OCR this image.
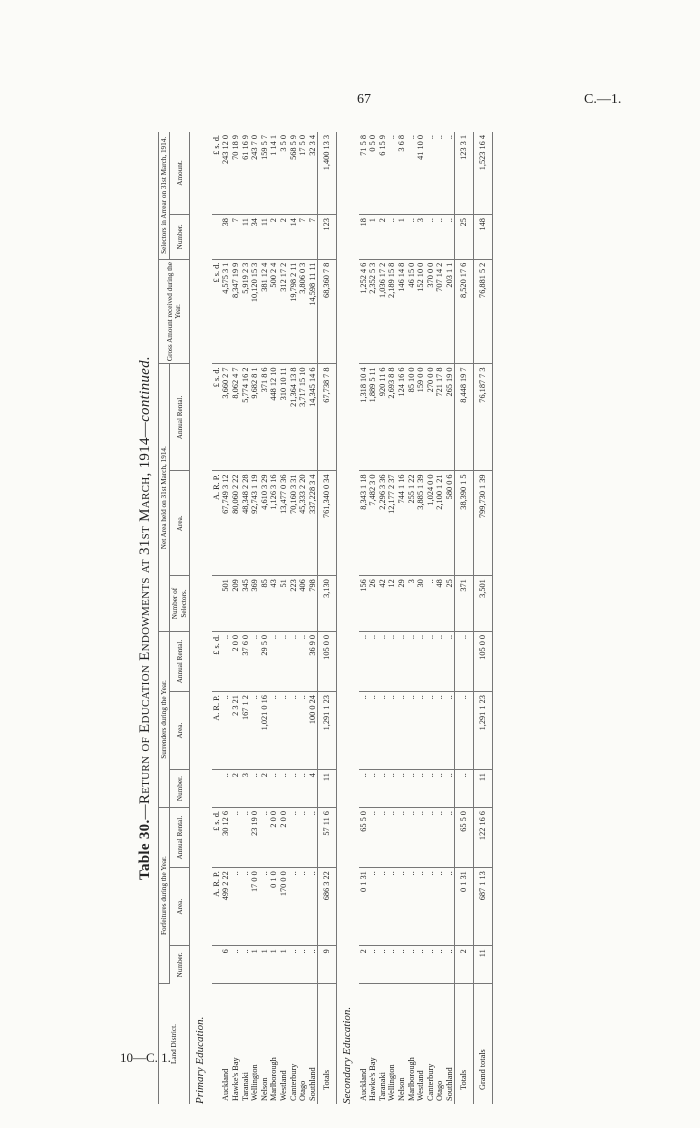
67	C.—1.
10—C. 1.
Table 30.—Return of Education Endowments at 31st March, 1914—continued.
Land District.	Forfeitures during the Year.			Surrenders during the Year.			Net Area held on 31st March, 1914.			Gross Amount received during the Year.	Selectors in Arrear on 31st March, 1914.	
	Number.	Area.	Annual Rental.	Number.	Area.	Annual Rental.	Number of Selectors.	Area.	Annual Rental.		Number.	Amount.
Primary Education.												
		A. R. P.	£ s. d.		A. R. P.	£ s. d.		A. R. P.	£ s. d.	£ s. d.		£ s. d.
Auckland	6	499 2 22	30 12 6	..	..	..	501	67,749 3 12	3,660 2 7	4,575 3 1	38	243 12 0
Hawke's Bay	..	..	..	2	2 3 21	2 0 0	209	80,060 2 22	8,062 4 7	8,347 19 9	7	70 18 9
Taranaki	..	..	..	3	167 1 2	37 6 0	345	48,348 2 28	5,774 16 2	5,919 2 3	11	61 16 9
Wellington	1	17 0 0	23 19 0	..	..	..	369	92,743 1 19	9,682 8 1	10,120 15 3	34	243 7 0
Nelson	1	..	..	2	1,021 0 16	29 5 0	85	4,610 3 29	371 8 6	381 12 4	11	159 5 7
Marlborough	1	0 1 0	2 0 0	..	..	..	43	1,126 3 16	448 12 10	500 2 4	2	1 14 1
Westland	1	170 0 0	2 0 0	..	..	..	51	13,477 0 36	310 10 11	312 17 2	2	3 5 0
Canterbury	..	..	..	..	..	..	223	70,160 3 31	21,364 13 8	19,798 2 11	14	568 5 9
Otago	..	..	..	..	..	..	406	45,333 2 20	3,717 15 10	3,806 0 3	7	17 5 0
Southland	..	..	..	4	100 0 24	36 9 0	798	337,228 3 4	14,345 14 6	14,598 11 11	7	32 3 4
Totals	9	686 3 22	57 11 6	11	1,291 1 23	105 0 0	3,130	761,340 0 34	67,738 7 8	68,360 7 8	123	1,400 13 3
Secondary Education.												
Auckland	2	0 1 31	65 5 0	..	..	..	156	8,343 1 18	1,318 10 4	1,252 4 6	18	71 5 8
Hawke's Bay	..	..	..	..	..	..	26	7,482 3 0	1,889 5 11	2,352 5 3	1	0 5 0
Taranaki	..	..	..	..	..	..	42	2,296 3 36	920 11 6	1,036 17 2	2	6 15 9
Wellington	..	..	..	..	..	..	12	12,177 2 37	2,693 8 8	2,189 15 8	..	..
Nelson	..	..	..	..	..	..	29	744 1 16	124 16 6	146 14 8	1	3 6 8
Marlborough	..	..	..	..	..	..	3	255 1 22	85 10 0	46 15 0	..	..
Westland	..	..	..	..	..	..	30	3,885 1 39	159 0 0	152 10 0	3	41 10 0
Canterbury	..	..	..	..	..	..	..	1,024 0 0	270 0 0	370 0 0	..	..
Otago	..	..	..	..	..	..	48	2,100 1 21	721 17 8	707 14 2	..	..
Southland	..	..	..	..	..	..	25	580 0 6	265 19 0	203 1 1	..	..
Totals	2	0 1 31	65 5 0	..	..	..	371	38,390 1 5	8,448 19 7	8,520 17 6	25	123 3 1
Grand totals	11	687 1 13	122 16 6	11	1,291 1 23	105 0 0	3,501	799,730 1 39	76,187 7 3	76,881 5 2	148	1,523 16 4
